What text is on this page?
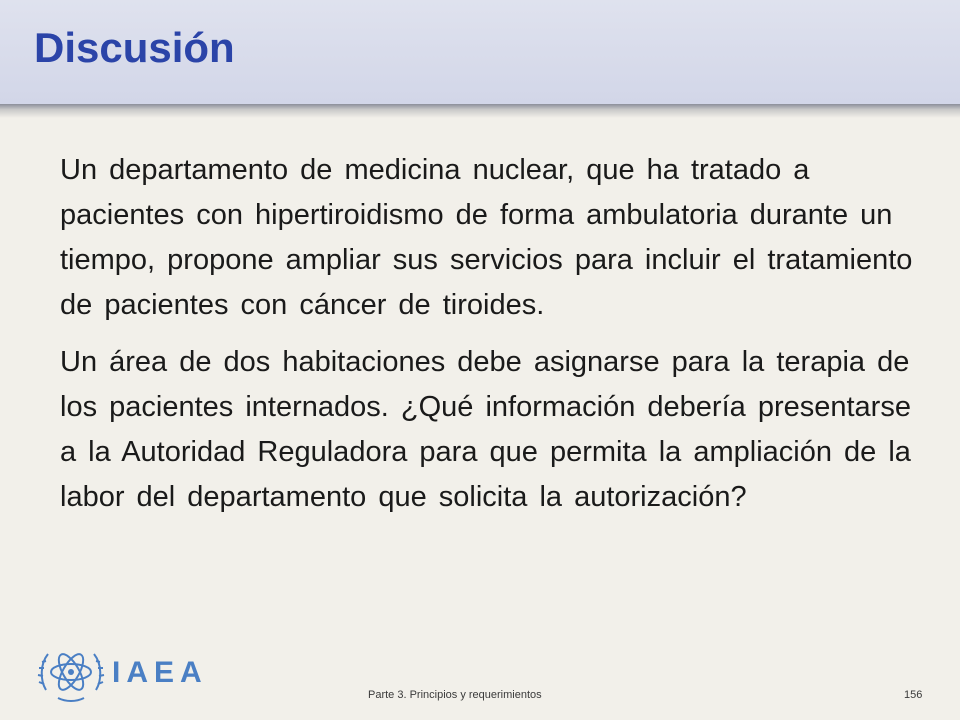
Discusión

Un departamento de medicina nuclear, que ha tratado a pacientes con hipertiroidismo de forma ambulatoria durante un tiempo, propone ampliar sus servicios para incluir el tratamiento de pacientes con cáncer de tiroides.

Un área de dos habitaciones debe asignarse para la terapia de los pacientes internados. ¿Qué información debería presentarse a la Autoridad Reguladora para que permita la ampliación de la labor del departamento que solicita la autorización?

IAEA
Parte 3. Principios y requerimientos	156
